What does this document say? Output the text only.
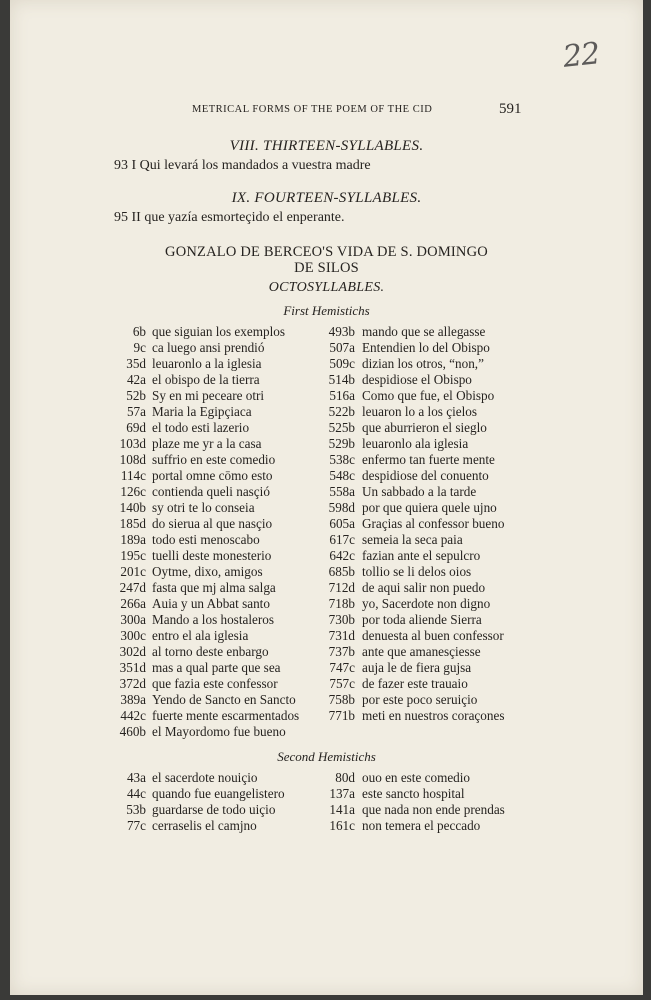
22
METRICAL FORMS OF THE POEM OF THE CID	591
VIII. THIRTEEN-SYLLABLES.
93 I Qui levará los mandados a vuestra madre
IX. FOURTEEN-SYLLABLES.
95 II que yazía esmorteçido el enperante.
GONZALO DE BERCEO'S VIDA DE S. DOMINGO
DE SILOS
OCTOSYLLABLES.
First Hemistichs
6b que siguian los exemplos
9c ca luego ansi prendió
35d leuaronlo a la iglesia
42a el obispo de la tierra
52b Sy en mi peceare otri
57a Maria la Egipçiaca
69d el todo esti lazerio
103d plaze me yr a la casa
108d suffrio en este comedio
114c portal omne cōmo esto
126c contienda queli nasçió
140b sy otri te lo conseia
185d do sierua al que nasçio
189a todo esti menoscabo
195c tuelli deste monesterio
201c Oytme, dixo, amigos
247d fasta que mj alma salga
266a Auia y un Abbat santo
300a Mando a los hostaleros
300c entro el ala iglesia
302d al torno deste enbargo
351d mas a qual parte que sea
372d que fazia este confessor
389a Yendo de Sancto en Sancto
442c fuerte mente escarmentados
460b el Mayordomo fue bueno
493b mando que se allegasse
507a Entendien lo del Obispo
509c dizian los otros, “non,”
514b despidiose el Obispo
516a Como que fue, el Obispo
522b leuaron lo a los çielos
525b que aburrieron el sieglo
529b leuaronlo ala iglesia
538c enfermo tan fuerte mente
548c despidiose del conuento
558a Un sabbado a la tarde
598d por que quiera quele ujno
605a Graçias al confessor bueno
617c semeia la seca paia
642c fazian ante el sepulcro
685b tollio se li delos oios
712d de aqui salir non puedo
718b yo, Sacerdote non digno
730b por toda aliende Sierra
731d denuesta al buen confessor
737b ante que amanesçiesse
747c auja le de fiera gujsa
757c de fazer este trauaio
758b por este poco seruiçio
771b meti en nuestros coraçones
Second Hemistichs
43a el sacerdote nouiçio
44c quando fue euangelistero
53b guardarse de todo uiçio
77c cerraselis el camjno
80d ouo en este comedio
137a este sancto hospital
141a que nada non ende prendas
161c non temera el peccado
